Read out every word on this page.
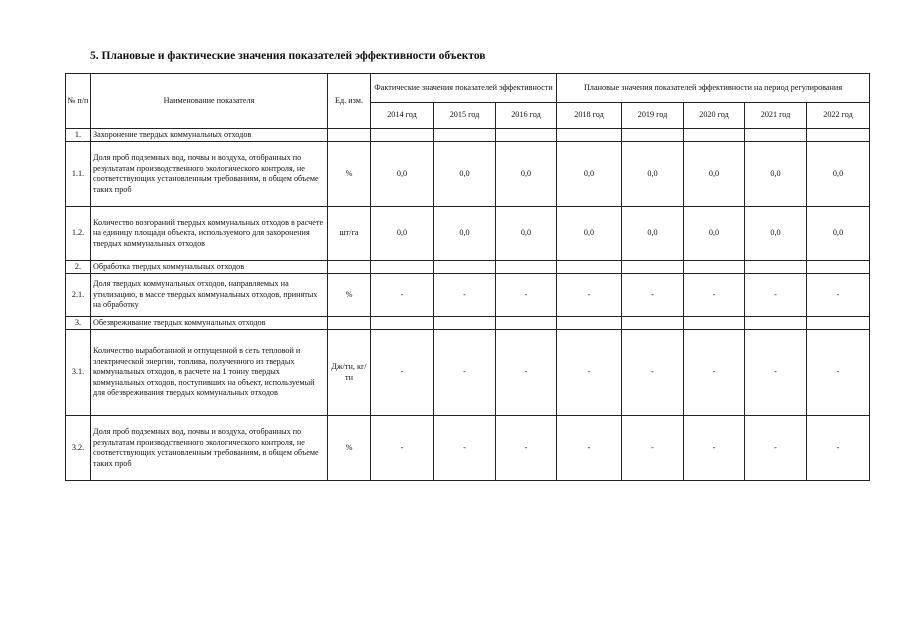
5. Плановые и фактические значения показателей эффективности объектов
№ п/п	Наименование показателя	Ед. изм.	Фактические значения показателей эффективности			Плановые значения показателей эффективности на период регулирования				
			2014 год	2015 год	2016 год	2018 год	2019 год	2020 год	2021 год	2022 год
1.	Захоронение твердых коммунальных отходов									
1.1.	Доля проб подземных вод, почвы и воздуха, отобранных по результатам производственного экологического контроля, не соответствующих установленным требованиям, в общем объеме таких проб	%	0,0	0,0	0,0	0,0	0,0	0,0	0,0	0,0
1.2.	Количество возгораний твердых коммунальных отходов в расчете на единицу площади объекта, используемого для захоронения твердых коммунальных отходов	шт/га	0,0	0,0	0,0	0,0	0,0	0,0	0,0	0,0
2.	Обработка твердых коммунальных отходов									
2.1.	Доля твердых коммунальных отходов, направляемых на утилизацию, в массе твердых коммунальных отходов, принятых на обработку	%	-	-	-	-	-	-	-	-
3.	Обезвреживание твердых коммунальных отходов									
3.1.	Количество выработанной и отпущенной в сеть тепловой и электрической энергии, топлива, полученного из твердых коммунальных отходов, в расчете на 1 тонну твердых коммунальных отходов, поступивших на объект, используемый для обезвреживания твердых коммунальных отходов	Дж/тн, кг/тн	-	-	-	-	-	-	-	-
3.2.	Доля проб подземных вод, почвы и воздуха, отобранных по результатам производственного экологического контроля, не соответствующих установленным требованиям, в общем объеме таких проб	%	-	-	-	-	-	-	-	-
